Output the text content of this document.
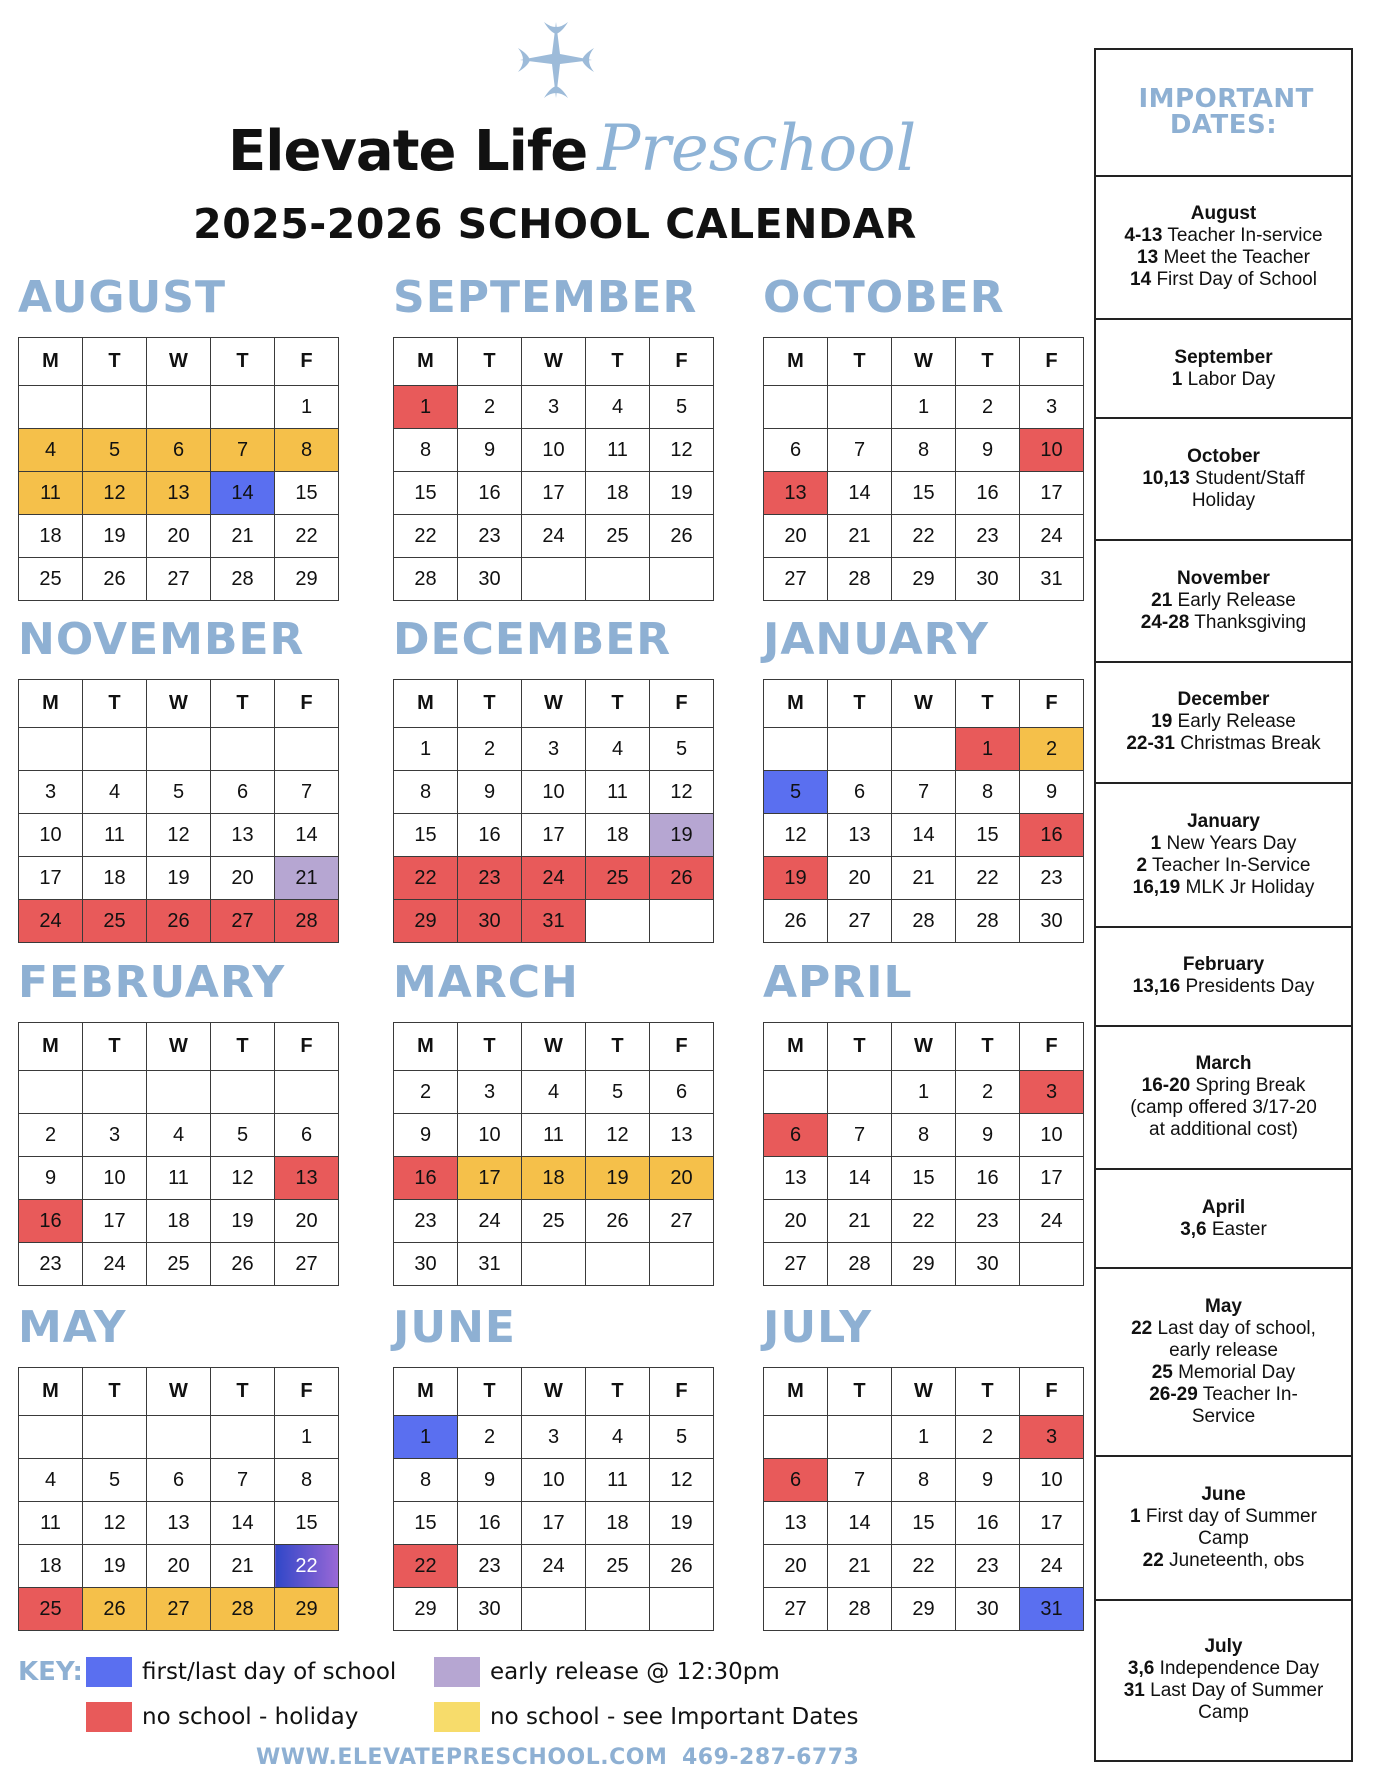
Elevate Life Preschool
2025-2026 SCHOOL CALENDAR
AUGUST
M	T	W	T	F
				1
4	5	6	7	8
11	12	13	14	15
18	19	20	21	22
25	26	27	28	29
SEPTEMBER
M	T	W	T	F
1	2	3	4	5
8	9	10	11	12
15	16	17	18	19
22	23	24	25	26
28	30			
OCTOBER
M	T	W	T	F
		1	2	3
6	7	8	9	10
13	14	15	16	17
20	21	22	23	24
27	28	29	30	31
NOVEMBER
M	T	W	T	F

3	4	5	6	7
10	11	12	13	14
17	18	19	20	21
24	25	26	27	28
DECEMBER
M	T	W	T	F
1	2	3	4	5
8	9	10	11	12
15	16	17	18	19
22	23	24	25	26
29	30	31		
JANUARY
M	T	W	T	F
			1	2
5	6	7	8	9
12	13	14	15	16
19	20	21	22	23
26	27	28	28	30
FEBRUARY
M	T	W	T	F

2	3	4	5	6
9	10	11	12	13
16	17	18	19	20
23	24	25	26	27
MARCH
M	T	W	T	F
2	3	4	5	6
9	10	11	12	13
16	17	18	19	20
23	24	25	26	27
30	31			
APRIL
M	T	W	T	F
		1	2	3
6	7	8	9	10
13	14	15	16	17
20	21	22	23	24
27	28	29	30	
MAY
M	T	W	T	F
				1
4	5	6	7	8
11	12	13	14	15
18	19	20	21	22
25	26	27	28	29
JUNE
M	T	W	T	F
1	2	3	4	5
8	9	10	11	12
15	16	17	18	19
22	23	24	25	26
29	30			
JULY
M	T	W	T	F
		1	2	3
6	7	8	9	10
13	14	15	16	17
20	21	22	23	24
27	28	29	30	31
IMPORTANT DATES:
August
4-13 Teacher In-service
13 Meet the Teacher
14 First Day of School
September
1 Labor Day
October
10,13 Student/Staff
Holiday
November
21 Early Release
24-28 Thanksgiving
December
19 Early Release
22-31 Christmas Break
January
1 New Years Day
2 Teacher In-Service
16,19 MLK Jr Holiday
February
13,16 Presidents Day
March
16-20 Spring Break
(camp offered 3/17-20
at additional cost)
April
3,6 Easter
May
22 Last day of school,
early release
25 Memorial Day
26-29 Teacher In-
Service
June
1 First day of Summer
Camp
22 Juneteenth, obs
July
3,6 Independence Day
31 Last Day of Summer
Camp
KEY:	first/last day of school	early release @ 12:30pm
no school - holiday	no school - see Important Dates
WWW.ELEVATEPRESCHOOL.COM 469-287-6773
